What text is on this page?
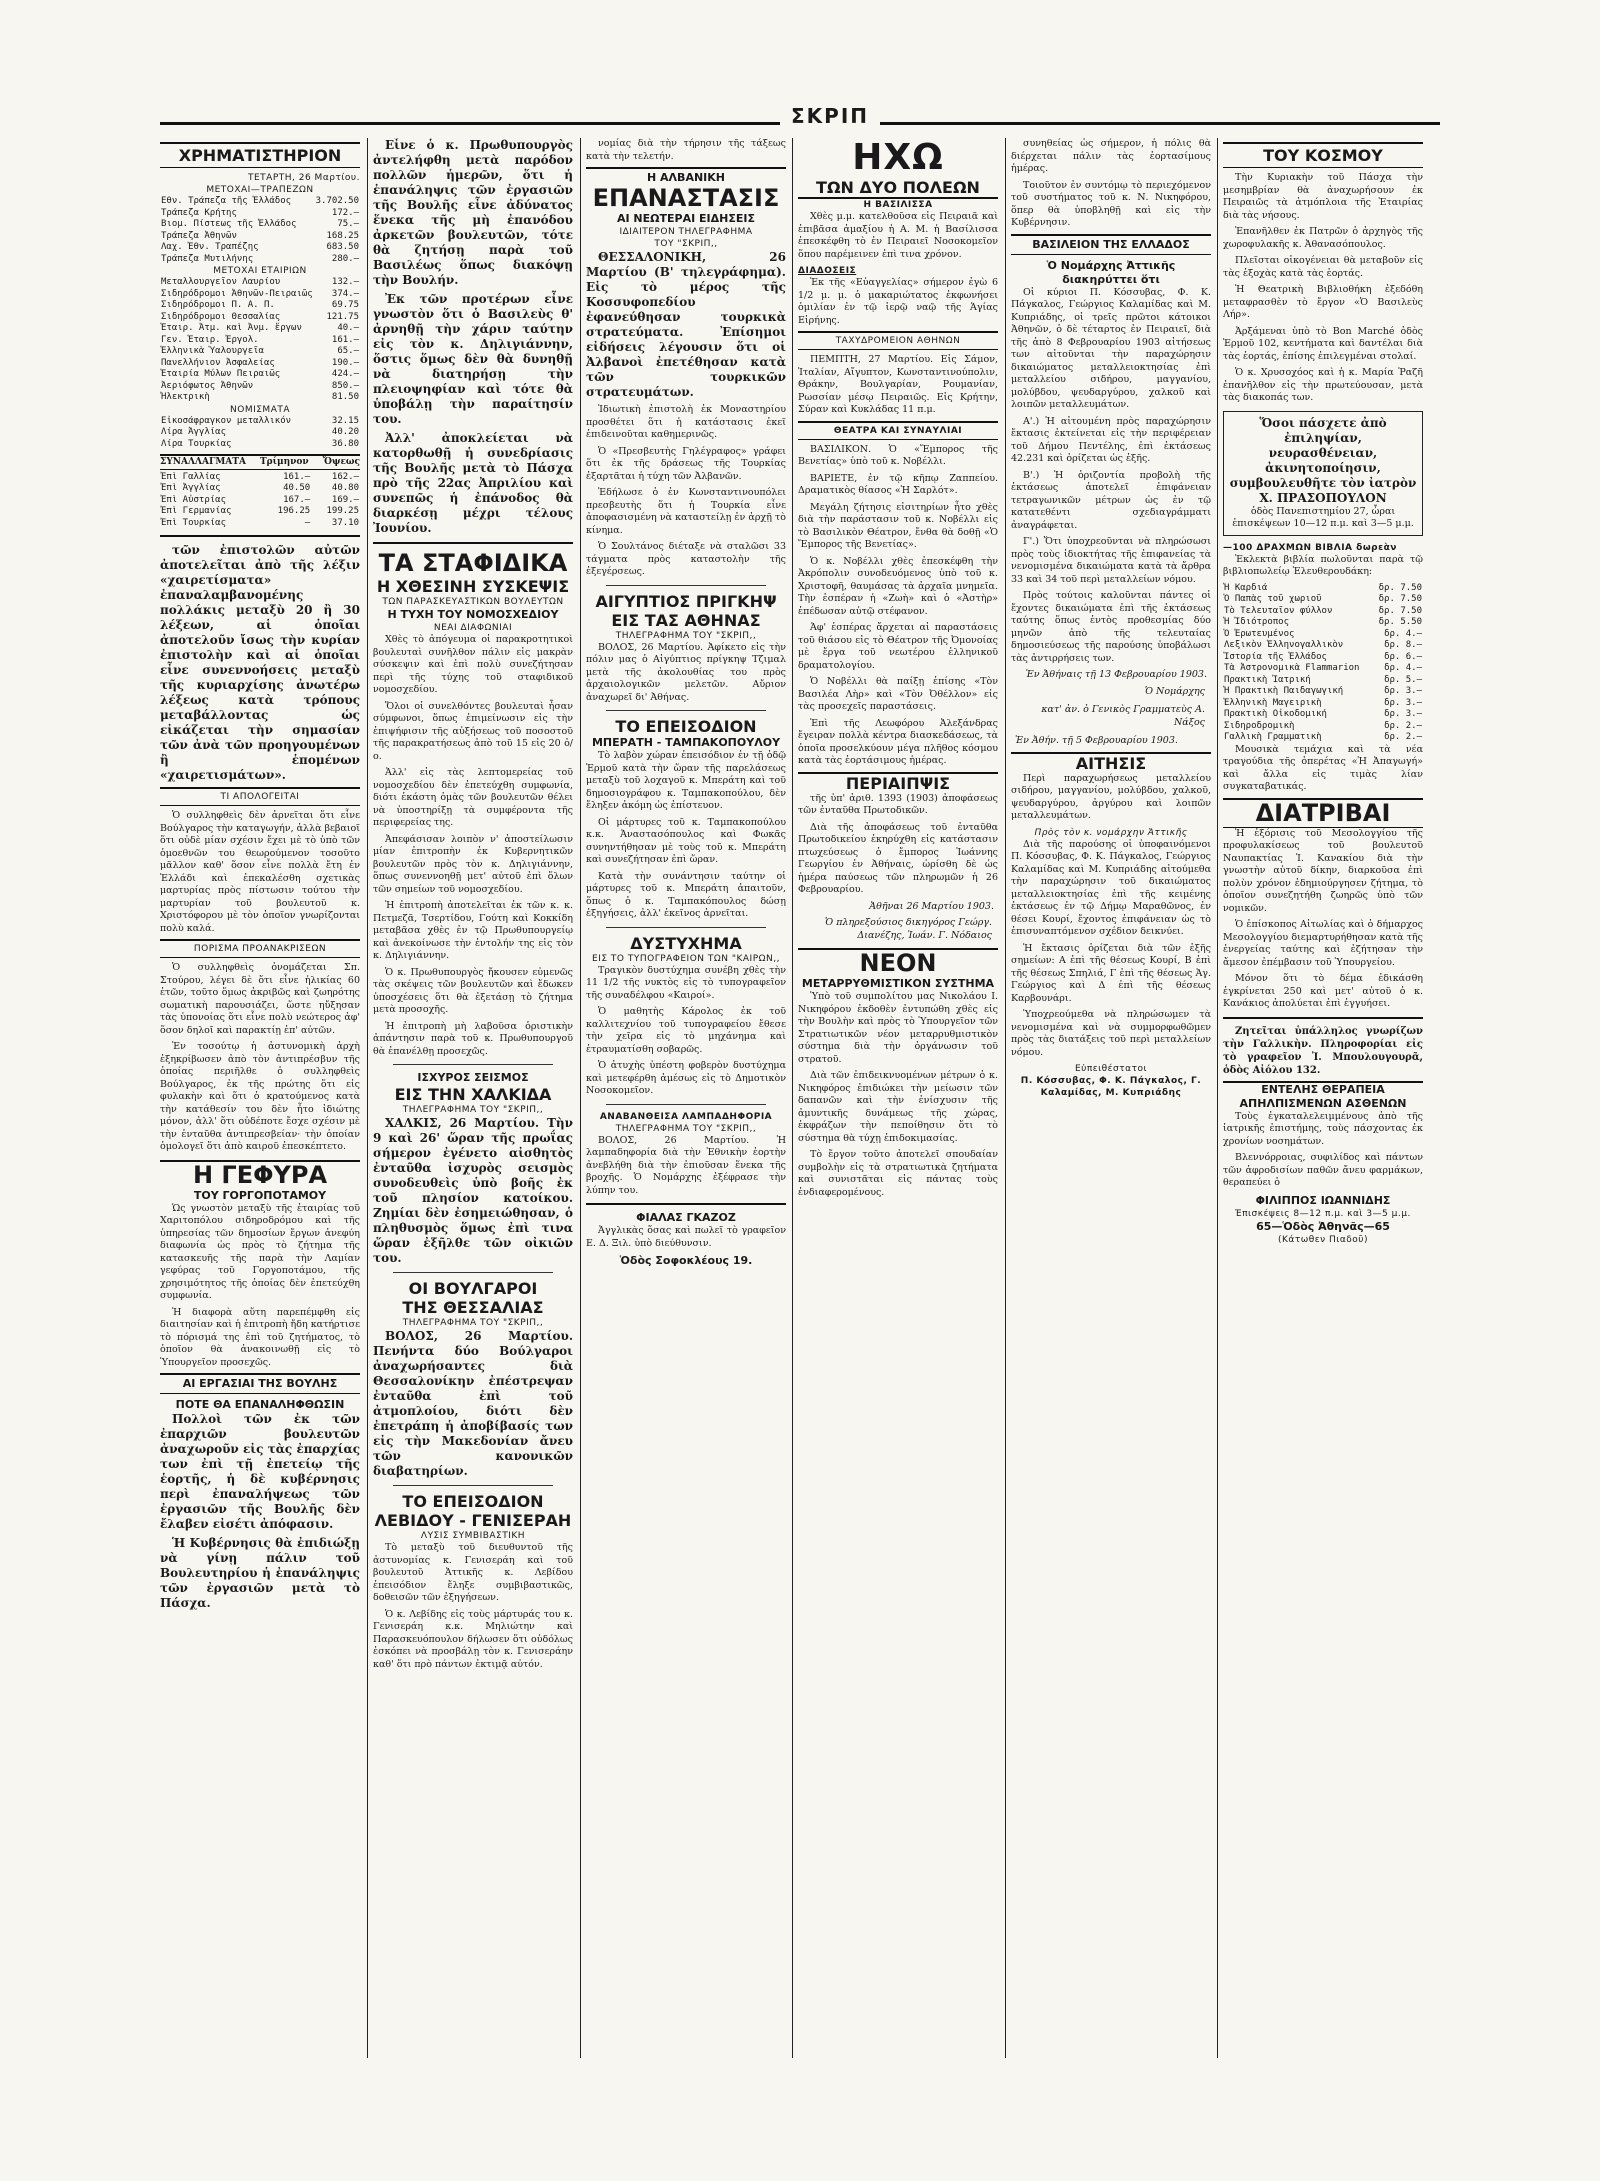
ΣΚΡΙΠ
ΧΡΗΜΑΤΙΣΤΗΡΙΟΝ
ΤΕΤΑΡΤΗ, 26 Μαρτίου.
ΜΕΤΟΧΑΙ—ΤΡΑΠΕΖΩΝ
Εθν. Τράπεζα τῆς Ἑλλάδος	3.702.50
Τράπεζα Κρήτης	172.—
Βιομ. Πίστεως τῆς Ἑλλάδος	75.—
Τράπεζα Ἀθηνῶν	168.25
Λαχ. Ἐθν. Τραπέζης	683.50
Τράπεζα Μυτιλήνης	280.—
ΜΕΤΟΧΑΙ ΕΤΑΙΡΙΩΝ
Μεταλλουργεῖον Λαυρίου	132.—
Σιδηρόδρομοι Ἀθηνῶν-Πειραιῶς	374.—
Σιδηρόδρομοι Π. Α. Π.	69.75
Σιδηρόδρομοι Θεσσαλίας	121.75
Ἑταιρ. Ἀτμ. καὶ Ἀνμ. ἔργων	40.—
Γεν. Ἑταιρ. Ἐργολ.	161.—
Ἑλληνικὰ Ὑαλουργεῖα	65.—
Πανελλήνιον Ἀσφαλείας	190.—
Ἑταιρία Μύλων Πειραιῶς	424.—
Ἀεριόφωτος Ἀθηνῶν	850.—
Ἠλεκτρικὴ	81.50
ΝΟΜΙΣΜΑΤΑ
Εἰκοσάφραγκον μεταλλικόν	32.15
Λίρα Ἀγγλίας	40.20
Λίρα Τουρκίας	36.80
ΣΥΝΑΛΛΑΓΜΑΤΑ Τρίμηνον Ὄψεως
Ἐπὶ Γαλλίας	161.—	162.—
Ἐπὶ Ἀγγλίας	40.50	40.80
Ἐπὶ Αὐστρίας	167.—	169.—
Ἐπὶ Γερμανίας	196.25	199.25
Ἐπὶ Τουρκίας	—	37.10

τῶν ἐπιστολῶν αὐτῶν ἀποτελεῖται ἀπὸ τῆς λέξιν «χαιρετίσματα» ἐπαναλαμβανομένης πολλάκις μεταξὺ 20 ἢ 30 λέξεων, αἱ ὁποῖαι ἀποτελοῦν ἴσως τὴν κυρίαν ἐπιστολὴν καὶ αἱ ὁποῖαι εἶνε συνεννοήσεις μεταξὺ τῆς κυριαρχίσης ἀνωτέρω λέξεως κατὰ τρόπους μεταβάλλοντας ὡς εἰκάζεται τὴν σημασίαν τῶν ἀνὰ τῶν προηγουμένων ἢ ἑπομένων «χαιρετισμάτων».

ΤΙ ΑΠΟΛΟΓΕΙΤΑΙ

Ὁ συλληφθεὶς δὲν ἀρνεῖται ὅτι εἶνε Βούλγαρος τὴν καταγωγήν, ἀλλὰ βεβαιοῖ ὅτι οὐδὲ μίαν σχέσιν ἔχει μὲ τὸ ὑπὸ τῶν ὁμοεθνῶν του θεωρούμενον τοσοῦτο μᾶλλον καθ' ὅσον εἶνε πολλὰ ἔτη ἐν Ἑλλάδι καὶ ἐπεκαλέσθη σχετικὰς μαρτυρίας πρὸς πίστωσιν τούτου τὴν μαρτυρίαν τοῦ βουλευτοῦ κ. Χριστόφορου μὲ τὸν ὁποῖον γνωρίζονται πολὺ καλά.

ΠΟΡΙΣΜΑ ΠΡΟΑΝΑΚΡΙΣΕΩΝ

Ὁ συλληφθεὶς ὀνομάζεται Σπ. Στούρου, λέγει δὲ ὅτι εἶνε ἡλικίας 60 ἐτῶν, τοῦτο ὅμως ἀκριβῶς καὶ ζωηρότης σωματικὴ παρουσιάζει, ὥστε ηὔξησαν τὰς ὑπονοίας ὅτι εἶνε πολὺ νεώτερος ἀφ' ὅσον δηλοῖ καὶ παρακτίῃ ἐπ' αὐτῶν.

Ἐν τοσούτῳ ἡ ἀστυνομικὴ ἀρχὴ ἐξηκρίβωσεν ἀπὸ τὸν ἀντιπρέσβυν τῆς ὁποίας περιῆλθε ὁ συλληφθεὶς Βούλγαρος, ἐκ τῆς πρώτης ὅτι εἰς φυλακὴν καὶ ὅτι ὁ κρατούμενος κατὰ τὴν κατάθεσίν του δὲν ἦτο ἰδιώτης μόνον, ἀλλ' ὅτι οὐδέποτε ἔσχε σχέσιν μὲ τὴν ἐνταῦθα ἀντιπρεσβείαν· τὴν ὁποίαν ὁμολογεῖ ὅτι ἀπὸ καιροῦ ἐπεσκέπτετο.

Η ΓΕΦΥΡΑ
ΤΟΥ ΓΟΡΓΟΠΟΤΑΜΟΥ

Ὡς γνωστὸν μεταξὺ τῆς ἑταιρίας τοῦ Χαριτοπόλου σιδηροδρόμου καὶ τῆς ὑπηρεσίας τῶν δημοσίων ἔργων ἀνεφύη διαφωνία ὡς πρὸς τὸ ζήτημα τῆς κατασκευῆς τῆς παρὰ τὴν Λαμίαν γεφύρας τοῦ Γοργοποτάμου, τῆς χρησιμότητος τῆς ὁποίας δὲν ἐπετεύχθη συμφωνία.

Ἡ διαφορὰ αὕτη παρεπέμφθη εἰς διαιτησίαν καὶ ἡ ἐπιτροπὴ ἤδη κατήρτισε τὸ πόρισμά της ἐπὶ τοῦ ζητήματος, τὸ ὁποῖον θὰ ἀνακοινωθῇ εἰς τὸ Ὑπουργεῖον προσεχῶς.

ΑΙ ΕΡΓΑΣΙΑΙ ΤΗΣ ΒΟΥΛΗΣ
ΠΟΤΕ ΘΑ ΕΠΑΝΑΛΗΦΘΩΣΙΝ

Πολλοὶ τῶν ἐκ τῶν ἐπαρχιῶν βουλευτῶν ἀναχωροῦν εἰς τὰς ἐπαρχίας των ἐπὶ τῇ ἐπετείῳ τῆς ἑορτῆς, ἡ δὲ κυβέρνησις περὶ ἐπαναλήψεως τῶν ἐργασιῶν τῆς Βουλῆς δὲν ἔλαβεν εἰσέτι ἀπόφασιν.

Ἡ Κυβέρνησις θὰ ἐπιδιώξῃ νὰ γίνῃ πάλιν τοῦ Βουλευτηρίου ἡ ἐπανάληψις τῶν ἐργασιῶν μετὰ τὸ Πάσχα.

Εἶνε ὁ κ. Πρωθυπουργὸς ἀντελήφθη μετὰ παρόδον πολλῶν ἡμερῶν, ὅτι ἡ ἐπανάληψις τῶν ἐργασιῶν τῆς Βουλῆς εἶνε ἀδύνατος ἕνεκα τῆς μὴ ἐπανόδου ἀρκετῶν βουλευτῶν, τότε θὰ ζητήσῃ παρὰ τοῦ Βασιλέως ὅπως διακόψῃ τὴν Βουλήν.

Ἐκ τῶν προτέρων εἶνε γνωστὸν ὅτι ὁ Βασιλεὺς θ' ἀρνηθῇ τὴν χάριν ταύτην εἰς τὸν κ. Δηλιγιάννην, ὅστις ὅμως δὲν θὰ δυνηθῇ νὰ διατηρήσῃ τὴν πλειοψηφίαν καὶ τότε θὰ ὑποβάλῃ τὴν παραίτησίν του.

Ἀλλ' ἀποκλείεται νὰ κατορθωθῇ ἡ συνεδρίασις τῆς Βουλῆς μετὰ τὸ Πάσχα πρὸ τῆς 22ας Ἀπριλίου καὶ συνεπῶς ἡ ἐπάνοδος θὰ διαρκέσῃ μέχρι τέλους Ἰουνίου.

ΤΑ ΣΤΑΦΙΔΙΚΑ
Η ΧΘΕΣΙΝΗ ΣΥΣΚΕΨΙΣ
ΤΩΝ ΠΑΡΑΣΚΕΥΑΣΤΙΚΩΝ ΒΟΥΛΕΥΤΩΝ
Η ΤΥΧΗ ΤΟΥ ΝΟΜΟΣΧΕΔΙΟΥ
ΝΕΑΙ ΔΙΑΦΩΝΙΑΙ

Χθὲς τὸ ἀπόγευμα οἱ παρακροτητικοὶ βουλευταὶ συνῆλθον πάλιν εἰς μακρὰν σύσκεψιν καὶ ἐπὶ πολὺ συνεζήτησαν περὶ τῆς τύχης τοῦ σταφιδικοῦ νομοσχεδίου.

Ὅλοι οἱ συνελθόντες βουλευταὶ ἦσαν σύμφωνοι, ὅπως ἐπιμείνωσιν εἰς τὴν ἐπιψήφισιν τῆς αὐξήσεως τοῦ ποσοστοῦ τῆς παρακρατήσεως ἀπὸ τοῦ 15 εἰς 20 ὀ/ο.

Ἀλλ' εἰς τὰς λεπτομερείας τοῦ νομοσχεδίου δὲν ἐπετεύχθη συμφωνία, διότι ἑκάστη ὁμὰς τῶν βουλευτῶν θέλει νὰ ὑποστηρίξῃ τὰ συμφέροντα τῆς περιφερείας της.

Ἀπεφάσισαν λοιπὸν ν' ἀποστείλωσιν μίαν ἐπιτροπὴν ἐκ Κυβερνητικῶν βουλευτῶν πρὸς τὸν κ. Δηλιγιάννην, ὅπως συνεννοηθῇ μετ' αὐτοῦ ἐπὶ ὅλων τῶν σημείων τοῦ νομοσχεδίου.

Ἡ ἐπιτροπὴ ἀποτελεῖται ἐκ τῶν κ. κ. Πετμεζᾶ, Τσερτίδου, Γούτη καὶ Κοκκίδη μεταβᾶσα χθὲς ἐν τῷ Πρωθυπουργείῳ καὶ ἀνεκοίνωσε τὴν ἐντολήν της εἰς τὸν κ. Δηλιγιάννην.

Ὁ κ. Πρωθυπουργὸς ἤκουσεν εὐμενῶς τὰς σκέψεις τῶν βουλευτῶν καὶ ἔδωκεν ὑποσχέσεις ὅτι θὰ ἐξετάσῃ τὸ ζήτημα μετὰ προσοχῆς.

Ἡ ἐπιτροπὴ μὴ λαβοῦσα ὁριστικὴν ἀπάντησιν παρὰ τοῦ κ. Πρωθυπουργοῦ θὰ ἐπανέλθῃ προσεχῶς.

ΙΣΧΥΡΟΣ ΣΕΙΣΜΟΣ
ΕΙΣ ΤΗΝ ΧΑΛΚΙΔΑ
ΤΗΛΕΓΡΑΦΗΜΑ ΤΟΥ "ΣΚΡΙΠ,,

ΧΑΛΚΙΣ, 26 Μαρτίου. Τὴν 9 καὶ 26' ὥραν τῆς πρωΐας σήμερον ἐγένετο αἰσθητὸς ἐνταῦθα ἰσχυρὸς σεισμὸς συνοδευθεὶς ὑπὸ βοῆς ἐκ τοῦ πλησίον κατοίκου. Ζημίαι δὲν ἐσημειώθησαν, ὁ πληθυσμὸς ὅμως ἐπὶ τινα ὥραν ἐξῆλθε τῶν οἰκιῶν του.

ΟΙ ΒΟΥΛΓΑΡΟΙ
ΤΗΣ ΘΕΣΣΑΛΙΑΣ
ΤΗΛΕΓΡΑΦΗΜΑ ΤΟΥ "ΣΚΡΙΠ,,

ΒΟΛΟΣ, 26 Μαρτίου. Πενήντα δύο Βούλγαροι ἀναχωρήσαντες διὰ Θεσσαλονίκην ἐπέστρεψαν ἐνταῦθα ἐπὶ τοῦ ἀτμοπλοίου, διότι δὲν ἐπετράπη ἡ ἀποβίβασίς των εἰς τὴν Μακεδονίαν ἄνευ τῶν κανονικῶν διαβατηρίων.

ΤΟ ΕΠΕΙΣΟΔΙΟΝ
ΛΕΒΙΔΟΥ - ΓΕΝΙΣΕΡΑΗ
ΛΥΣΙΣ ΣΥΜΒΙΒΑΣΤΙΚΗ

Τὸ μεταξὺ τοῦ διευθυντοῦ τῆς ἀστυνομίας κ. Γενισεράη καὶ τοῦ βουλευτοῦ Ἀττικῆς κ. Λεβίδου ἐπεισόδιον ἔληξε συμβιβαστικῶς, δοθεισῶν τῶν ἐξηγήσεων.

Ὁ κ. Λεβίδης εἰς τοὺς μάρτυράς του κ. Γενισεράη κ.κ. Μηλιώτην καὶ Παρασκευόπουλον δήλωσεν ὅτι οὐδόλως ἐσκόπει νὰ προσβάλῃ τὸν κ. Γενισεράην καθ' ὅτι πρὸ πάντων ἐκτιμᾷ αὐτόν.

νομίας διὰ τὴν τήρησιν τῆς τάξεως κατὰ τὴν τελετήν.

Η ΑΛΒΑΝΙΚΗ
ΕΠΑΝΑΣΤΑΣΙΣ
ΑΙ ΝΕΩΤΕΡΑΙ ΕΙΔΗΣΕΙΣ
ΙΔΙΑΙΤΕΡΟΝ ΤΗΛΕΓΡΑΦΗΜΑ
ΤΟΥ "ΣΚΡΙΠ,,

ΘΕΣΣΑΛΟΝΙΚΗ, 26 Μαρτίου (Β' τηλεγράφημα). Εἰς τὸ μέρος τῆς Κοσσυφοπεδίου ἐφανεύθησαν τουρκικὰ στρατεύματα. Ἐπίσημοι εἰδήσεις λέγουσιν ὅτι οἱ Ἀλβανοὶ ἐπετέθησαν κατὰ τῶν τουρκικῶν στρατευμάτων.

Ἰδιωτικὴ ἐπιστολὴ ἐκ Μοναστηρίου προσθέτει ὅτι ἡ κατάστασις ἐκεῖ ἐπιδεινοῦται καθημερινῶς.

Ὁ «Πρεσβευτὴς Γηλέγραφος» γράφει ὅτι ἐκ τῆς δράσεως τῆς Τουρκίας ἐξαρτᾶται ἡ τύχη τῶν Ἀλβανῶν.

Ἐδήλωσε ὁ ἐν Κωνσταντινουπόλει πρεσβευτὴς ὅτι ἡ Τουρκία εἶνε ἀποφασισμένη νὰ καταστείλῃ ἐν ἀρχῇ τὸ κίνημα.

Ὁ Σουλτάνος διέταξε νὰ σταλῶσι 33 τάγματα πρὸς καταστολὴν τῆς ἐξεγέρσεως.

ΑΙΓΥΠΤΙΟΣ ΠΡΙΓΚΗΨ
ΕΙΣ ΤΑΣ ΑΘΗΝΑΣ
ΤΗΛΕΓΡΑΦΗΜΑ ΤΟΥ "ΣΚΡΙΠ,,

ΒΟΛΟΣ, 26 Μαρτίου. Ἀφίκετο εἰς τὴν πόλιν μας ὁ Αἰγύπτιος πρίγκηψ Τζιμαλ μετὰ τῆς ἀκολουθίας του πρὸς ἀρχαιολογικῶν μελετῶν. Αὔριον ἀναχωρεῖ δι' Ἀθήνας.

ΤΟ ΕΠΕΙΣΟΔΙΟΝ
ΜΠΕΡΑΤΗ - ΤΑΜΠΑΚΟΠΟΥΛΟΥ

Τὸ λαβὸν χώραν ἐπεισόδιον ἐν τῇ ὁδῷ Ἑρμοῦ κατὰ τὴν ὥραν τῆς παρελάσεως μεταξὺ τοῦ λοχαγοῦ κ. Μπεράτη καὶ τοῦ δημοσιογράφου κ. Ταμπακοπούλου, δὲν ἔληξεν ἀκόμη ὡς ἐπίστευον.

Οἱ μάρτυρες τοῦ κ. Ταμπακοπούλου κ.κ. Ἀναστασόπουλος καὶ Φωκᾶς συνηντήθησαν μὲ τοὺς τοῦ κ. Μπεράτη καὶ συνεζήτησαν ἐπὶ ὥραν.

Κατὰ τὴν συνάντησιν ταύτην οἱ μάρτυρες τοῦ κ. Μπεράτη ἀπαιτοῦν, ὅπως ὁ κ. Ταμπακόπουλος δώσῃ ἐξηγήσεις, ἀλλ' ἐκεῖνος ἀρνεῖται.

ΔΥΣΤΥΧΗΜΑ
ΕΙΣ ΤΟ ΤΥΠΟΓΡΑΦΕΙΟΝ ΤΩΝ "ΚΑΙΡΩΝ,,

Τραγικὸν δυστύχημα συνέβη χθὲς τὴν 11 1/2 τῆς νυκτὸς εἰς τὸ τυπογραφεῖον τῆς συναδέλφου «Καιροί».

Ὁ μαθητὴς Κάρολος ἐκ τοῦ καλλιτεχνίου τοῦ τυπογραφείου ἔθεσε τὴν χεῖρα εἰς τὸ μηχάνημα καὶ ἐτραυματίσθη σοβαρῶς.

Ὁ ἀτυχὴς ὑπέστη φοβερὸν δυστύχημα καὶ μετεφέρθη ἀμέσως εἰς τὸ Δημοτικὸν Νοσοκομεῖον.

ΑΝΑΒΑΝΘΕΙΣΑ ΛΑΜΠΑΔΗΦΟΡΙΑ
ΤΗΛΕΓΡΑΦΗΜΑ ΤΟΥ "ΣΚΡΙΠ,,

ΒΟΛΟΣ, 26 Μαρτίου. Ἡ λαμπαδηφορία διὰ τὴν Ἐθνικὴν ἑορτὴν ἀνεβλήθη διὰ τὴν ἐπιοῦσαν ἕνεκα τῆς βροχῆς. Ὁ Νομάρχης ἐξέφρασε τὴν λύπην του.

ΦΙΑΛΑΣ ΓΚΑΖΟΖ

Ἀγγλικὰς ὅσας καὶ πωλεῖ τὸ γραφεῖον Ε. Δ. Ξιλ. ὑπὸ διεύθυνσιν.

Ὁδὸς Σοφοκλέους 19.
ΗΧΩ
ΤΩΝ ΔΥΟ ΠΟΛΕΩΝ
Η ΒΑΣΙΛΙΣΣΑ

Χθὲς μ.μ. κατελθοῦσα εἰς Πειραιᾶ καὶ ἐπιβᾶσα ἀμαξίου ἡ Α. Μ. ἡ Βασίλισσα ἐπεσκέφθη τὸ ἐν Πειραιεῖ Νοσοκομεῖον ὅπου παρέμεινεν ἐπὶ τινα χρόνον.

ΔΙΑΔΟΣΕΙΣ

Ἐκ τῆς «Εὐαγγελίας» σήμερον ἐγὼ 6 1/2 μ. μ. ὁ μακαριώτατος ἐκφωνήσει ὁμιλίαν ἐν τῷ ἱερῷ ναῷ τῆς Ἁγίας Εἰρήνης.

ΤΑΧΥΔΡΟΜΕΙΟΝ ΑΘΗΝΩΝ

ΠΕΜΠΤΗ, 27 Μαρτίου. Εἰς Σάμον, Ἰταλίαν, Αἴγυπτον, Κωνσταντινούπολιν, Θράκην, Βουλγαρίαν, Ρουμανίαν, Ρωσσίαν μέσῳ Πειραιῶς. Εἰς Κρήτην, Σύραν καὶ Κυκλάδας 11 π.μ.

ΘΕΑΤΡΑ ΚΑΙ ΣΥΝΑΥΛΙΑΙ

ΒΑΣΙΛΙΚΟΝ. Ὁ «Ἔμπορος τῆς Βενετίας» ὑπὸ τοῦ κ. Νοβέλλι.

ΒΑΡΙΕΤΕ, ἐν τῷ κῆπῳ Ζαππείου. Δραματικὸς θίασος «Ἡ Σαρλότ».

Μεγάλη ζήτησις εἰσιτηρίων ἦτο χθὲς διὰ τὴν παράστασιν τοῦ κ. Νοβέλλι εἰς τὸ Βασιλικὸν Θέατρον, ἔνθα θὰ δοθῇ «Ὁ Ἔμπορος τῆς Βενετίας».

Ὁ κ. Νοβέλλι χθὲς ἐπεσκέφθη τὴν Ἀκρόπολιν συνοδευόμενος ὑπὸ τοῦ κ. Χριστοφῆ, θαυμάσας τὰ ἀρχαῖα μνημεῖα. Τὴν ἑσπέραν ἡ «Ζωὴ» καὶ ὁ «Ἀστὴρ» ἐπέδωσαν αὐτῷ στέφανον.

Ἀφ' ἑσπέρας ἄρχεται αἱ παραστάσεις τοῦ θιάσου εἰς τὸ Θέατρον τῆς Ὀμονοίας μὲ ἔργα τοῦ νεωτέρου ἑλληνικοῦ δραματολογίου.

Ὁ Νοβέλλι θὰ παίξῃ ἐπίσης «Τὸν Βασιλέα Λὴρ» καὶ «Τὸν Ὀθέλλον» εἰς τὰς προσεχεῖς παραστάσεις.

Ἐπὶ τῆς Λεωφόρου Ἀλεξάνδρας ἔγειραν πολλὰ κέντρα διασκεδάσεως, τὰ ὁποῖα προσελκύουν μέγα πλῆθος κόσμου κατὰ τὰς ἑορτάσιμους ἡμέρας.

ΠΕΡΙΑΙΠΨΙΣ

τῆς ὑπ' ἀριθ. 1393 (1903) ἀποφάσεως τῶν ἐνταῦθα Πρωτοδικῶν.

Διὰ τῆς ἀποφάσεως τοῦ ἐνταῦθα Πρωτοδικείου ἐκηρύχθη εἰς κατάστασιν πτωχεύσεως ὁ ἔμπορος Ἰωάννης Γεωργίου ἐν Ἀθήναις, ὡρίσθη δὲ ὡς ἡμέρα παύσεως τῶν πληρωμῶν ἡ 26 Φεβρουαρίου.

Ἀθῆναι 26 Μαρτίου 1903.
Ὁ πληρεξούσιος δικηγόρος Γεώργ. Διανέζης, Ἰωάν. Γ. Νόδαιος
ΝΕΟΝ
ΜΕΤΑΡΡΥΘΜΙΣΤΙΚΟΝ ΣΥΣΤΗΜΑ

Ὑπὸ τοῦ συμπολίτου μας Νικολάου Ι. Νικηφόρου ἐκδοθὲν ἐντυπώθη χθὲς εἰς τὴν Βουλὴν καὶ πρὸς τὸ Ὑπουργεῖον τῶν Στρατιωτικῶν νέον μεταρρυθμιστικὸν σύστημα διὰ τὴν ὀργάνωσιν τοῦ στρατοῦ.

Διὰ τῶν ἐπιδεικνυομένων μέτρων ὁ κ. Νικηφόρος ἐπιδιώκει τὴν μείωσιν τῶν δαπανῶν καὶ τὴν ἐνίσχυσιν τῆς ἀμυντικῆς δυνάμεως τῆς χώρας, ἐκφράζων τὴν πεποίθησιν ὅτι τὸ σύστημα θὰ τύχῃ ἐπιδοκιμασίας.

Τὸ ἔργον τοῦτο ἀποτελεῖ σπουδαίαν συμβολὴν εἰς τὰ στρατιωτικὰ ζητήματα καὶ συνιστᾶται εἰς πάντας τοὺς ἐνδιαφερομένους.

συνηθείας ὡς σήμερον, ἡ πόλις θὰ διέρχεται πάλιν τὰς ἑορτασίμους ἡμέρας.

Τοιοῦτον ἐν συντόμῳ τὸ περιεχόμενον τοῦ συστήματος τοῦ κ. Ν. Νικηφόρου, ὅπερ θὰ ὑποβληθῇ καὶ εἰς τὴν Κυβέρνησιν.

ΒΑΣΙΛΕΙΟΝ ΤΗΣ ΕΛΛΑΔΟΣ
Ὁ Νομάρχης Ἀττικῆς διακηρύττει ὅτι

Οἱ κύριοι Π. Κόσσυβας, Φ. Κ. Πάγκαλος, Γεώργιος Καλαμίδας καὶ Μ. Κυπριάδης, οἱ τρεῖς πρῶτοι κάτοικοι Ἀθηνῶν, ὁ δὲ τέταρτος ἐν Πειραιεῖ, διὰ τῆς ἀπὸ 8 Φεβρουαρίου 1903 αἰτήσεως των αἰτοῦνται τὴν παραχώρησιν δικαιώματος μεταλλειοκτησίας ἐπὶ μεταλλείου σιδήρου, μαγγανίου, μολύβδου, ψευδαργύρου, χαλκοῦ καὶ λοιπῶν μεταλλευμάτων.

Α'.) Ἡ αἰτουμένη πρὸς παραχώρησιν ἔκτασις ἐκτείνεται εἰς τὴν περιφέρειαν τοῦ Δήμου Πεντέλης, ἐπὶ ἐκτάσεως 42.231 καὶ ὁρίζεται ὡς ἑξῆς.

Β'.) Ἡ ὁριζοντία προβολὴ τῆς ἐκτάσεως ἀποτελεῖ ἐπιφάνειαν τετραγωνικῶν μέτρων ὡς ἐν τῷ κατατεθέντι σχεδιαγράμματι ἀναγράφεται.

Γ'.) Ὅτι ὑποχρεοῦνται νὰ πληρώσωσι πρὸς τοὺς ἰδιοκτήτας τῆς ἐπιφανείας τὰ νενομισμένα δικαιώματα κατὰ τὰ ἄρθρα 33 καὶ 34 τοῦ περὶ μεταλλείων νόμου.

Πρὸς τούτοις καλοῦνται πάντες οἱ ἔχοντες δικαιώματα ἐπὶ τῆς ἐκτάσεως ταύτης ὅπως ἐντὸς προθεσμίας δύο μηνῶν ἀπὸ τῆς τελευταίας δημοσιεύσεως τῆς παρούσης ὑποβάλωσι τὰς ἀντιρρήσεις των.

Ἐν Ἀθήναις τῇ 13 Φεβρουαρίου 1903.
Ὁ Νομάρχης
κατ' ἀν. ὁ Γενικὸς Γραμματεὺς Α. Νάξος
Ἐν Ἀθήν. τῇ 5 Φεβρουαρίου 1903.
ΑΙΤΗΣΙΣ

Περὶ παραχωρήσεως μεταλλείου σιδήρου, μαγγανίου, μολύβδου, χαλκοῦ, ψευδαργύρου, ἀργύρου καὶ λοιπῶν μεταλλευμάτων.

Πρὸς τὸν κ. νομάρχην Ἀττικῆς

Διὰ τῆς παρούσης οἱ ὑποφαινόμενοι Π. Κόσσυβας, Φ. Κ. Πάγκαλος, Γεώργιος Καλαμίδας καὶ Μ. Κυπριάδης αἰτούμεθα τὴν παραχώρησιν τοῦ δικαιώματος μεταλλειοκτησίας ἐπὶ τῆς κειμένης ἐκτάσεως ἐν τῷ Δήμῳ Μαραθῶνος, ἐν θέσει Κουρί, ἔχοντος ἐπιφάνειαν ὡς τὸ ἐπισυναπτόμενον σχέδιον δεικνύει.

Ἡ ἔκτασις ὁρίζεται διὰ τῶν ἑξῆς σημείων: Α ἐπὶ τῆς θέσεως Κουρί, Β ἐπὶ τῆς θέσεως Σπηλιά, Γ ἐπὶ τῆς θέσεως Ἁγ. Γεώργιος καὶ Δ ἐπὶ τῆς θέσεως Καρβουνάρι.

Ὑποχρεούμεθα νὰ πληρώσωμεν τὰ νενομισμένα καὶ νὰ συμμορφωθῶμεν πρὸς τὰς διατάξεις τοῦ περὶ μεταλλείων νόμου.

Εὐπειθέστατοι
Π. Κόσσυβας, Φ. Κ. Πάγκαλος, Γ. Καλαμίδας, Μ. Κυπριάδης
ΤΟΥ ΚΟΣΜΟΥ

Τὴν Κυριακὴν τοῦ Πάσχα τὴν μεσημβρίαν θὰ ἀναχωρήσουν ἐκ Πειραιῶς τὰ ἀτμόπλοια τῆς Ἑταιρίας διὰ τὰς νήσους.

Ἐπανῆλθεν ἐκ Πατρῶν ὁ ἀρχηγὸς τῆς χωροφυλακῆς κ. Ἀθανασόπουλος.

Πλεῖσται οἰκογένειαι θὰ μεταβοῦν εἰς τὰς ἐξοχὰς κατὰ τὰς ἑορτάς.

Ἡ Θεατρικὴ Βιβλιοθήκη ἐξεδόθη μεταφρασθὲν τὸ ἔργον «Ὁ Βασιλεὺς Λήρ».

Ἀρξάμεναι ὑπὸ τὸ Bon Marché ὁδὸς Ἑρμοῦ 102, κεντήματα καὶ δαντέλαι διὰ τὰς ἑορτάς, ἐπίσης ἐπιλεγμέναι στολαί.

Ὁ κ. Χρυσοχόος καὶ ἡ κ. Μαρία Ῥαζῆ ἐπανῆλθον εἰς τὴν πρωτεύουσαν, μετὰ τὰς διακοπάς των.

Ὅσοι πάσχετε ἀπὸ ἐπιληψίαν, νευρασθένειαν, ἀκινητοποίησιν, συμβουλευθῆτε τὸν ἰατρὸν Χ. ΠΡΑΣΟΠΟΥΛΟΝ
ὁδὸς Πανεπιστημίου 27, ὧραι ἐπισκέψεων 10—12 π.μ. καὶ 3—5 μ.μ.
—100 ΔΡΑΧΜΩΝ ΒΙΒΛΙΑ δωρεὰν

Ἐκλεκτὰ βιβλία πωλοῦνται παρὰ τῷ βιβλιοπωλείῳ Ἐλευθερουδάκη:

Ἡ Καρδιά	δρ. 7.50
Ὁ Παπὰς τοῦ χωριοῦ	δρ. 7.50
Τὸ Τελευταῖον φύλλον	δρ. 7.50
Ἡ Ἰδιότροπος	δρ. 5.50
Ὁ Ἐρωτευμένος	δρ. 4.—
Λεξικὸν Ἑλληνογαλλικὸν	δρ. 8.—
Ἱστορία τῆς Ἑλλάδος	δρ. 6.—
Τὰ Ἀστρονομικὰ Flammarion	δρ. 4.—
Πρακτικὴ Ἰατρική	δρ. 5.—
Ἡ Πρακτικὴ Παιδαγωγική	δρ. 3.—
Ἑλληνικὴ Μαγειρικὴ	δρ. 3.—
Πρακτικὴ Οἰκοδομική	δρ. 3.—
Σιδηροδρομικὴ	δρ. 2.—
Γαλλικὴ Γραμματικὴ	δρ. 2.—

Μουσικὰ τεμάχια καὶ τὰ νέα τραγούδια τῆς ὀπερέτας «Ἡ Ἀπαγωγή» καὶ ἄλλα εἰς τιμὰς λίαν συγκαταβατικάς.

ΔΙΑΤΡΙΒΑΙ

Ἡ ἐξόρισις τοῦ Μεσολογγίου τῆς προφυλακίσεως τοῦ βουλευτοῦ Ναυπακτίας Ἱ. Κανακίου διὰ τὴν γνωστὴν αὐτοῦ δίκην, διαρκοῦσα ἐπὶ πολὺν χρόνον ἐδημιούργησεν ζήτημα, τὸ ὁποῖον συνεζητήθη ζωηρῶς ὑπὸ τῶν νομικῶν.

Ὁ ἐπίσκοπος Αἰτωλίας καὶ ὁ δήμαρχος Μεσολογγίου διεμαρτυρήθησαν κατὰ τῆς ἐνεργείας ταύτης καὶ ἐζήτησαν τὴν ἄμεσον ἐπέμβασιν τοῦ Ὑπουργείου.

Μόνον ὅτι τὸ δέμα ἐδικάσθη ἐγκρίνεται 250 καὶ μετ' αὐτοῦ ὁ κ. Κανάκιος ἀπολύεται ἐπὶ ἐγγυήσει.

Ζητεῖται ὑπάλληλος γνωρίζων τὴν Γαλλικὴν. Πληροφορίαι εἰς τὸ γραφεῖον Ἰ. Μπουλουγουρᾶ, ὁδὸς Αἰόλου 132.

ΕΝΤΕΛΗΣ ΘΕΡΑΠΕΙΑ
ΑΠΗΛΠΙΣΜΕΝΩΝ ΑΣΘΕΝΩΝ

Τοὺς ἐγκαταλελειμμένους ἀπὸ τῆς ἰατρικῆς ἐπιστήμης, τοὺς πάσχοντας ἐκ χρονίων νοσημάτων.

Βλεννόρροιας, συφιλίδος καὶ πάντων τῶν ἀφροδισίων παθῶν ἄνευ φαρμάκων, θεραπεύει ὁ

ΦΙΛΙΠΠΟΣ ΙΩΑΝΝΙΔΗΣ
Ἐπισκέψεις 8—12 π.μ. καὶ 3—5 μ.μ.
65—Ὁδὸς Ἀθηνᾶς—65
(Κάτωθεν Πιαδοῦ)
